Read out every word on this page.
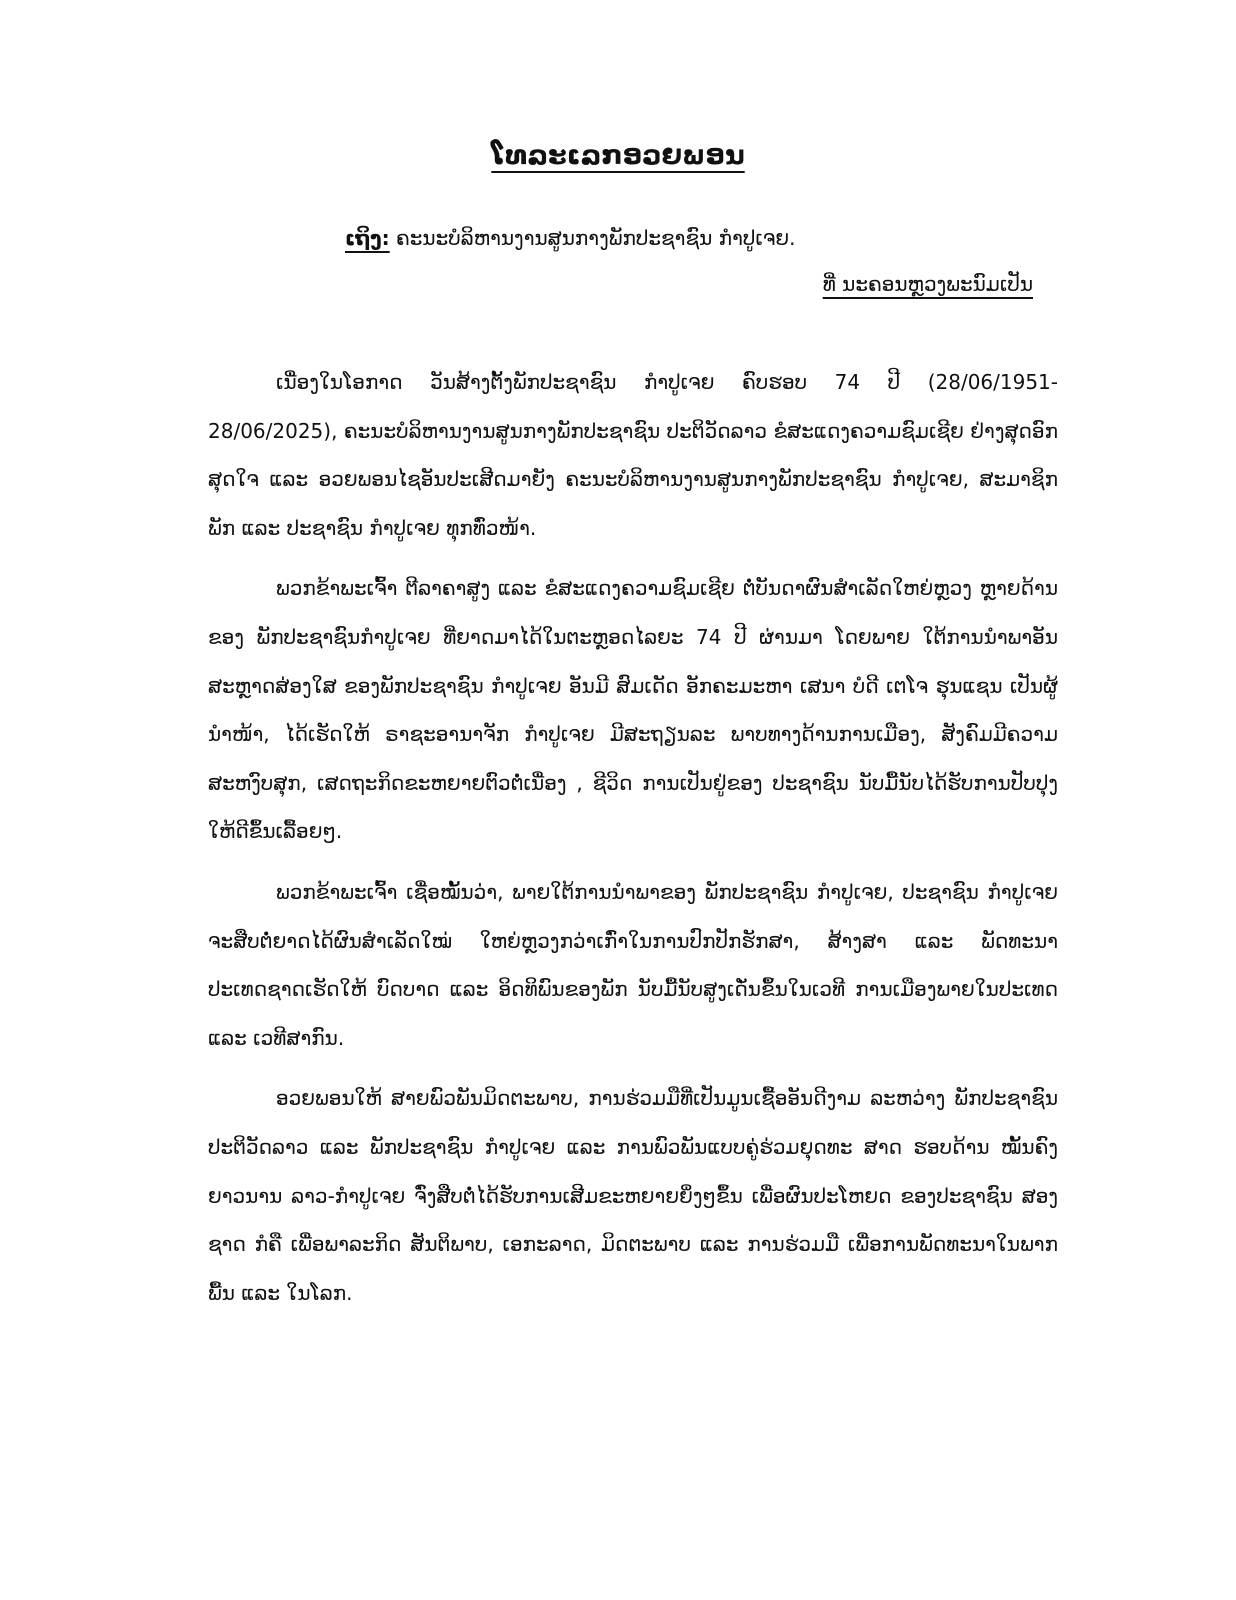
ໂທລະເລກອວຍພອນ
ເຖິງ: ຄະນະບໍລິຫານງານສູນກາງພັກປະຊາຊົນ ກຳປູເຈຍ.
ທີ່ ນະຄອນຫຼວງພະນົມເປັນ

ເນື່ອງໃນໂອກາດ ວັນສ້າງຕັ້ງພັກປະຊາຊົນ ກຳປູເຈຍ ຄົບຮອບ 74 ປີ (28/06/1951-28/06/2025), ຄະນະບໍລິຫານງານສູນກາງພັກປະຊາຊົນ ປະຕິວັດລາວ ຂໍສະແດງຄວາມຊົມເຊີຍ ຢ່າງສຸດອົກສຸດໃຈ ແລະ ອວຍພອນໄຊອັນປະເສີດມາຍັງ ຄະນະບໍລິຫານງານສູນກາງພັກປະຊາຊົນ ກຳປູເຈຍ, ສະມາຊິກພັກ ແລະ ປະຊາຊົນ ກຳປູເຈຍ ທຸກທົ່ວໜ້າ.

ພວກຂ້າພະເຈົ້າ ຕີລາຄາສູງ ແລະ ຂໍສະແດງຄວາມຊົມເຊີຍ ຕໍ່ບັນດາຜົນສຳເລັດໃຫຍ່ຫຼວງ ຫຼາຍດ້ານຂອງ ພັກປະຊາຊົນກຳປູເຈຍ ທີ່ຍາດມາໄດ້ໃນຕະຫຼອດໄລຍະ 74 ປີ ຜ່ານມາ ໂດຍພາຍ ໃຕ້ການນຳພາອັນ ສະຫຼາດສ່ອງໃສ ຂອງພັກປະຊາຊົນ ກຳປູເຈຍ ອັນມີ ສົມເດັດ ອັກຄະມະຫາ ເສນາ ບໍດີ ເຕໂຈ ຮຸນແຊນ ເປັນຜູ້ນຳໜ້າ, ໄດ້ເຮັດໃຫ້ ຣາຊະອານາຈັກ ກຳປູເຈຍ ມີສະຖຽນລະ ພາບທາງດ້ານການເມືອງ, ສັງຄົມມີຄວາມສະຫງົບສຸກ, ເສດຖະກິດຂະຫຍາຍຕົວຕໍ່ເນື່ອງ , ຊີວິດ ການເປັນຢູ່ຂອງ ປະຊາຊົນ ນັບມື້ນັບໄດ້ຮັບການປັບປຸງໃຫ້ດີຂຶ້ນເລື້ອຍໆ.

ພວກຂ້າພະເຈົ້າ ເຊື່ອໝັ້ນວ່າ, ພາຍໃຕ້ການນຳພາຂອງ ພັກປະຊາຊົນ ກຳປູເຈຍ, ປະຊາຊົນ ກຳປູເຈຍ ຈະສືບຕໍ່ຍາດໄດ້ຜົນສຳເລັດໃໝ່ ໃຫຍ່ຫຼວງກວ່າເກົ່າໃນການປົກປັກຮັກສາ, ສ້າງສາ ແລະ ພັດທະນາປະເທດຊາດເຮັດໃຫ້ ບົດບາດ ແລະ ອິດທິພົນຂອງພັກ ນັບມື້ນັບສູງເດັ່ນຂຶ້ນໃນເວທີ ການເມືອງພາຍໃນປະເທດ ແລະ ເວທີສາກົນ.

ອວຍພອນໃຫ້ ສາຍພົວພັນມິດຕະພາບ, ການຮ່ວມມືທີ່ເປັນມູນເຊື້ອອັນດີງາມ ລະຫວ່າງ ພັກປະຊາຊົນປະຕິວັດລາວ ແລະ ພັກປະຊາຊົນ ກຳປູເຈຍ ແລະ ການພົວພັນແບບຄູ່ຮ່ວມຍຸດທະ ສາດ ຮອບດ້ານ ໝັ້ນຄົງ ຍາວນານ ລາວ-ກຳປູເຈຍ ຈົ່ງສືບຕໍ່ໄດ້ຮັບການເສີມຂະຫຍາຍຍິ່ງໆຂຶ້ນ ເພື່ອຜົນປະໂຫຍດ ຂອງປະຊາຊົນ ສອງຊາດ ກໍຄື ເພື່ອພາລະກິດ ສັນຕິພາບ, ເອກະລາດ, ມິດຕະພາບ ແລະ ການຮ່ວມມື ເພື່ອການພັດທະນາໃນພາກພື້ນ ແລະ ໃນໂລກ.
